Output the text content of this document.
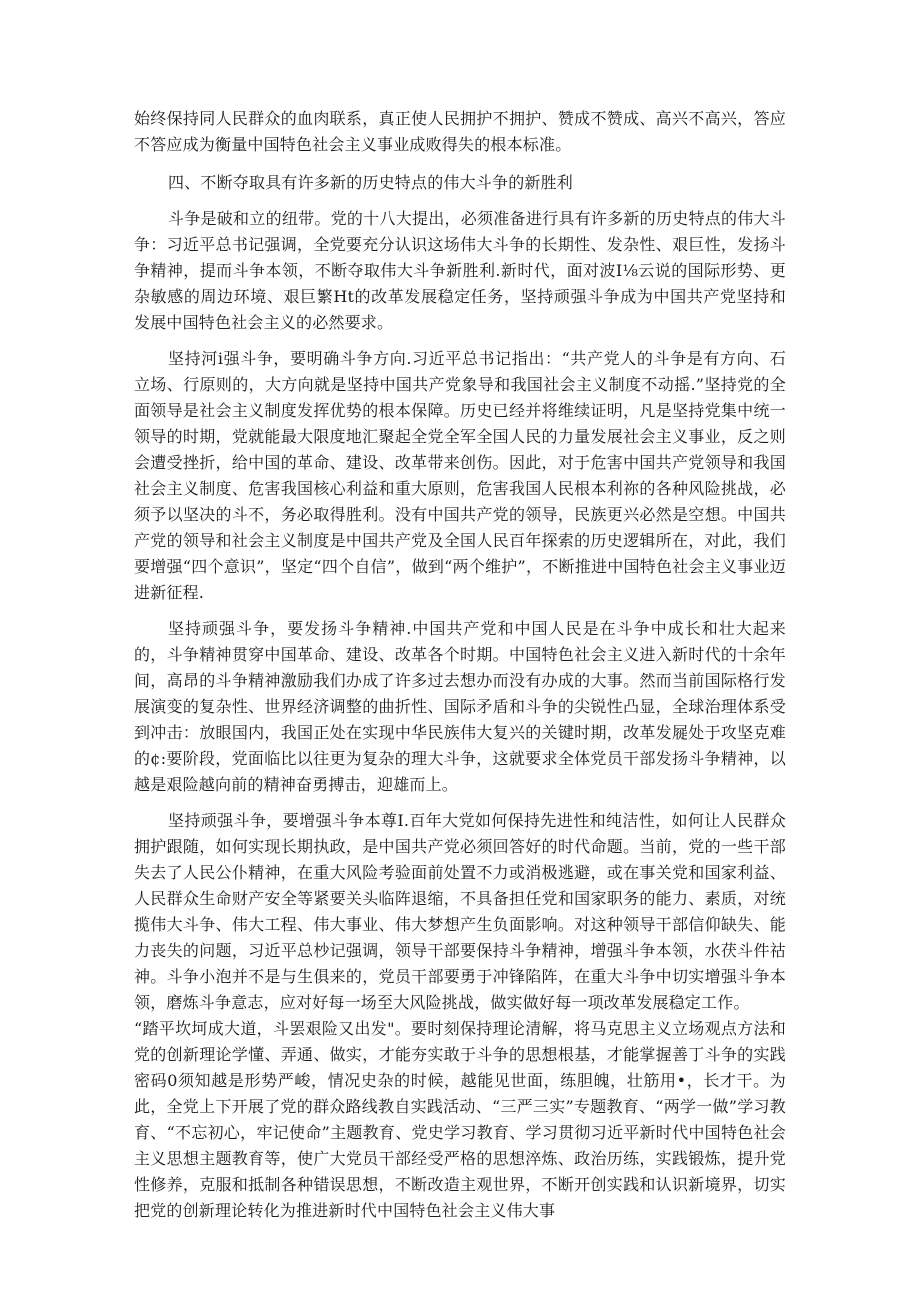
始终保持同人民群众的血肉联系，真正使人民拥护不拥护、赞成不赞成、高兴不高兴，答应不答应成为衡量中国特色社会主义事业成败得失的根本标准。

四、不断夺取具有许多新的历史特点的伟大斗争的新胜利

斗争是破和立的纽带。党的十八大提出，必须准备进行具有许多新的历史特点的伟大斗争：习近平总书记强调，全党要充分认识这场伟大斗争的长期性、发杂性、艰巨性，发扬斗争精神，提而斗争本领，不断夺取伟大斗争新胜利.新时代，面对波I⅛云说的国际形势、更杂敏感的周边环境、艰巨繁Ht的改革发展稳定任务，坚持顽强斗争成为中国共产党坚持和发展中国特色社会主义的必然要求。

坚持河i强斗争，要明确斗争方向.习近平总书记指出：“共产党人的斗争是有方向、石立场、行原则的，大方向就是坚持中国共产党象导和我国社会主义制度不动摇.”坚持党的全面领导是社会主义制度发挥优势的根本保障。历史已经并将维续证明，凡是坚持党集中统一领导的时期，党就能最大限度地汇聚起全党全军全国人民的力量发展社会主义事业，反之则会遭受挫折，给中国的革命、建设、改革带来创伤。因此，对于危害中国共产党领导和我国社会主义制度、危害我国核心利益和重大原则，危害我国人民根本利祢的各种风险挑战，必须予以坚决的斗不，务必取得胜利。没有中国共产党的领导，民族更兴必然是空想。中国共产党的领导和社会主义制度是中国共产党及全国人民百年探索的历史逻辑所在，对此，我们要增强“四个意识”，坚定“四个自信”，做到“两个维护”，不断推进中国特色社会主义事业迈进新征程.

坚持顽强斗争，要发扬斗争精神.中国共产党和中国人民是在斗争中成长和壮大起来的，斗争精神贯穿中国革命、建设、改革各个时期。中国特色社会主义进入新时代的十余年间，高昂的斗争精神激励我们办成了许多过去想办而没有办成的大事。然而当前国际格行发展演变的复杂性、世界经济调整的曲折性、国际矛盾和斗争的尖锐性凸显，全球治理体系受到冲击：放眼国内，我国正处在实现中华民族伟大复兴的关键时期，改革发屣处于攻坚克难的¢:要阶段，党面临比以往更为复杂的理大斗争，这就要求全体党员干部发扬斗争精神，以越是艰险越向前的精神奋勇搏击，迎雄而上。

坚持顽强斗争，要增强斗争本尊I.百年大党如何保持先进性和纯洁性，如何让人民群众拥护跟随，如何实现长期执政，是中国共产党必须回答好的时代命题。当前，党的一些干部失去了人民公仆精神，在重大风险考验面前处置不力或消极逃避，或在事关党和国家利益、人民群众生命财产安全等紧要关头临阵退缩，不具备担任党和国家职务的能力、素质，对统揽伟大斗争、伟大工程、伟大事业、伟大梦想产生负面影响。对这种领导干部信仰缺失、能力丧失的问题，习近平总杪记强调，领导干部要保持斗争精神，增强斗争本领，水茯斗件祜神。斗争小泡并不是与生俱来的，党员干部要勇于冲锋陷阵，在重大斗争中切实增强斗争本领，磨炼斗争意志，应对好每一场至大风险挑战，做实做好每一项改革发展稳定工作。

“踏平坎坷成大道，斗罢艰险又出发"。要时刻保持理论清解，将马克思主义立场观点方法和党的创新理论学懂、弄通、做实，才能夯实敢于斗争的思想根基，才能掌握善丁斗争的实践密码0须知越是形势严峻，情况史杂的时候，越能见世面，练胆魄，壮筋用•，长才干。为此，全党上下开展了党的群众路线教自实践活动、“三严三实”专题教育、“两学一做”学习教育、“不忘初心，牢记使命”主题教育、党史学习教育、学习贯彻习近平新时代中国特色社会主义思想主题教育等，使广大党员干部经受严格的思想淬炼、政治历练，实践锻炼，提升党性修养，克服和抵制各种错误思想，不断改造主观世界，不断开创实践和认识新境界，切实把党的创新理论转化为推进新时代中国特色社会主义伟大事
